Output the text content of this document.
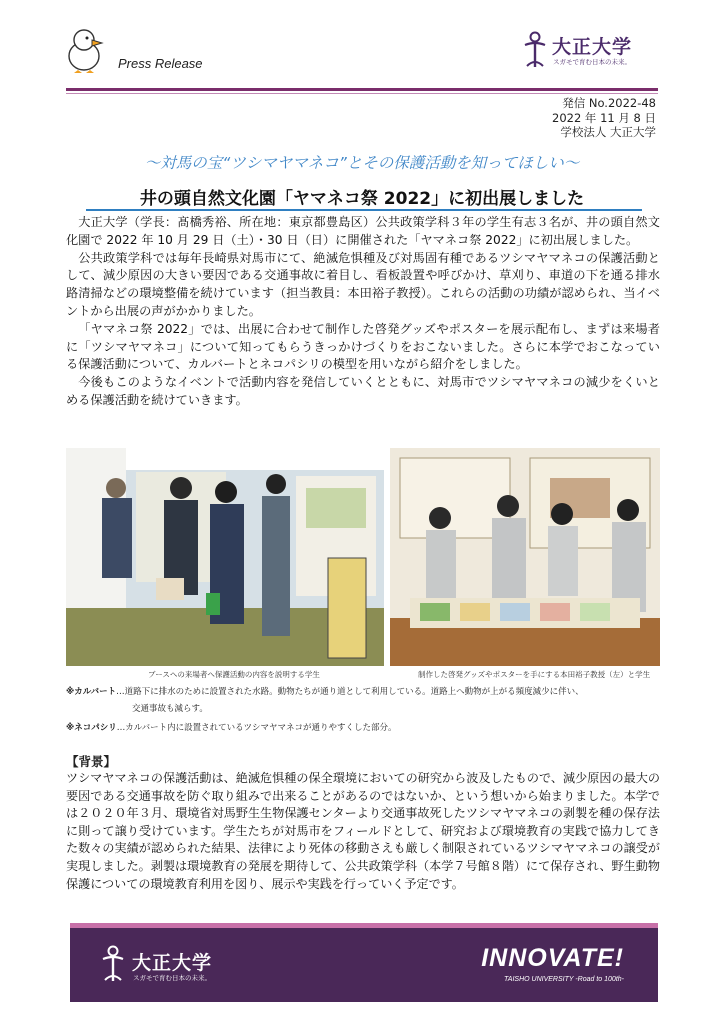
Press Release
大正大学
スガモで育む日本の未来。
発信 No.2022-48
2022 年 11 月 8 日
学校法人 大正大学
～対馬の宝“ツシマヤマネコ”とその保護活動を知ってほしい～
井の頭自然文化園「ヤマネコ祭 2022」に初出展しました

大正大学（学長：髙橋秀裕、所在地：東京都豊島区）公共政策学科３年の学生有志３名が、井の頭自然文化園で 2022 年 10 月 29 日（土）・30 日（日）に開催された「ヤマネコ祭 2022」に初出展しました。

公共政策学科では毎年長崎県対馬市にて、絶滅危惧種及び対馬固有種であるツシマヤマネコの保護活動として、減少原因の大きい要因である交通事故に着目し、看板設置や呼びかけ、草刈り、車道の下を通る排水路清掃などの環境整備を続けています（担当教員：本田裕子教授）。これらの活動の功績が認められ、当イベントから出展の声がかかりました。

「ヤマネコ祭 2022」では、出展に合わせて制作した啓発グッズやポスターを展示配布し、まずは来場者に「ツシマヤマネコ」について知ってもらうきっかけづくりをおこないました。さらに本学でおこなっている保護活動について、カルバートとネコパシリの模型を用いながら紹介をしました。

今後もこのようなイベントで活動内容を発信していくとともに、対馬市でツシマヤマネコの減少をくいとめる保護活動を続けていきます。

ブースへの来場者へ保護活動の内容を説明する学生	制作した啓発グッズやポスターを手にする本田裕子教授（左）と学生
※カルバート…道路下に排水のために設置された水路。動物たちが通り道として利用している。道路上へ動物が上がる頻度減少に伴い、
交通事故も減らす。
※ネコパシリ…カルバート内に設置されているツシマヤマネコが通りやすくした部分。
【背景】
ツシマヤマネコの保護活動は、絶滅危惧種の保全環境においての研究から波及したもので、減少原因の最大の要因である交通事故を防ぐ取り組みで出来ることがあるのではないか、という想いから始まりました。本学では２０２０年３月、環境省対馬野生生物保護センターより交通事故死したツシマヤマネコの剥製を種の保存法に則って譲り受けています。学生たちが対馬市をフィールドとして、研究および環境教育の実践で協力してきた数々の実績が認められた結果、法律により死体の移動さえも厳しく制限されているツシマヤマネコの譲受が実現しました。剥製は環境教育の発展を期待して、公共政策学科（本学７号館８階）にて保存され、野生動物保護についての環境教育利用を図り、展示や実践を行っていく予定です。
大正大学
スガモで育む日本の未来。
INNOVATE!
TAISHO UNIVERSITY -Road to 100th-
